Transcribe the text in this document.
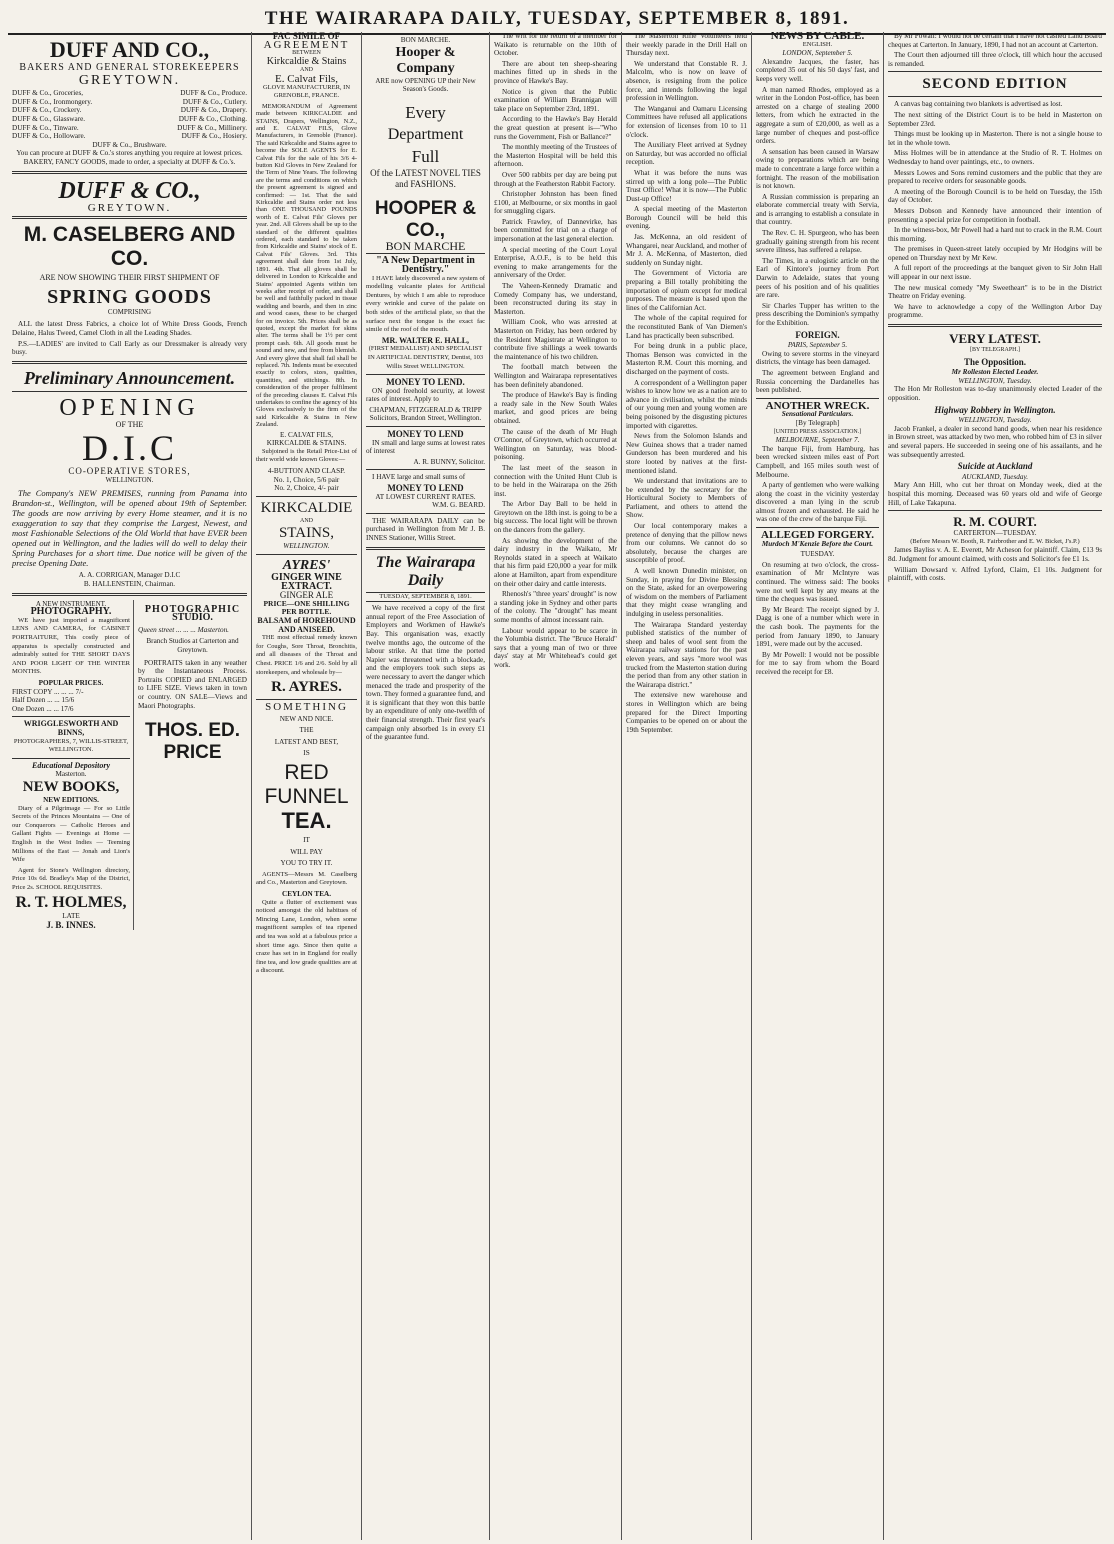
THE WAIRARAPA DAILY, TUESDAY, SEPTEMBER 8, 1891.
DUFF AND CO.,
BAKERS AND GENERAL STOREKEEPERS
GREYTOWN.
DUFF & Co., Groceries,	DUFF & Co., Produce.
DUFF & Co., Ironmongery.	DUFF & Co., Cutlery.
DUFF & Co., Crockery.	DUFF & Co., Drapery.
DUFF & Co., Glassware.	DUFF & Co., Clothing.
DUFF & Co., Tinware.	DUFF & Co., Millinery.
DUFF & Co., Holloware.	DUFF & Co., Hosiery.
DUFF & Co., Brushware.
You can procure at DUFF & Co.'s stores anything you require at lowest prices.
BAKERY, FANCY GOODS, made to order, a specialty at DUFF & Co.'s.
DUFF & CO.,
GREYTOWN.
M. CASELBERG AND CO.
ARE NOW SHOWING THEIR FIRST SHIPMENT OF
SPRING GOODS
COMPRISING

ALL the latest Dress Fabrics, a choice lot of White Dress Goods, French Delaine, Halus Tweed, Camel Cloth in all the Leading Shades.

P.S.—LADIES' are invited to Call Early as our Dressmaker is already very busy.

Preliminary Announcement.
OPENING
OF THE
D.I.C
CO-OPERATIVE STORES,
WELLINGTON.

The Company's NEW PREMISES, running from Panama into Brandon-st., Wellington, will be opened about 19th of September. The goods are now arriving by every Home steamer, and it is no exaggeration to say that they comprise the Largest, Newest, and most Fashionable Selections of the Old World that have EVER been opened out in Wellington, and the ladies will do well to delay their Spring Purchases for a short time. Due notice will be given of the precise Opening Date.

A. A. CORRIGAN, Manager D.I.C
B. HALLENSTEIN, Chairman.
A NEW INSTRUMENT.
PHOTOGRAPHY.

WE have just imported a magnificent LENS AND CAMERA, for CABINET PORTRAITURE, This costly piece of apparatus is specially constructed and admirably suited for THE SHORT DAYS AND POOR LIGHT OF THE WINTER MONTHS.

POPULAR PRICES.
FIRST COPY ... ... ... 7/-
Half Dozen ... ... 15/6
One Dozen ... ... 17/6
WRIGGLESWORTH AND BINNS,
PHOTOGRAPHERS, 7, WILLIS-STREET, WELLINGTON.
Educational Depository
Masterton.
NEW BOOKS,
NEW EDITIONS.

Diary of a Pilgrimage — For so Little Secrets of the Princes Mountains — One of our Conquerors — Catholic Heroes and Gallant Fights — Evenings at Home — English in the West Indies — Teeming Millions of the East — Jonah and Lion's Wife

Agent for Stone's Wellington directory, Price 10s 6d. Bradley's Map of the District, Price 2s. SCHOOL REQUISITES.

R. T. HOLMES,
LATE
J. B. INNES.
PHOTOGRAPHIC
STUDIO.
Queen street ... ... ... Masterton.
Branch Studios at Carterton and Greytown.

PORTRAITS taken in any weather by the Instantaneous Process. Portraits COPIED and ENLARGED to LIFE SIZE. Views taken in town or country. ON SALE—Views and Maori Photographs.

THOS. ED. PRICE
FAC SIMILE OF
AGREEMENT
BETWEEN
Kirkcaldie & Stains
AND
E. Calvat Fils,
GLOVE MANUFACTURER, IN GRENOBLE, FRANCE.

MEMORANDUM of Agreement made between KIRKCALDIE and STAINS, Drapers, Wellington, N.Z., and E. CALVAT FILS, Glove Manufacturers, in Grenoble (France). The said Kirkcaldie and Stains agree to become the SOLE AGENTS for E. Calvat Fils for the sale of his 3/6 4-button Kid Gloves in New Zealand for the Term of Nine Years. The following are the terms and conditions on which the present agreement is signed and confirmed: — 1st. That the said Kirkcaldie and Stains order not less than ONE THOUSAND POUNDS worth of E. Calvat Fils' Gloves per year. 2nd. All Gloves shall be up to the standard of the different qualities ordered, each standard to be taken from Kirkcaldie and Stains' stock of E. Calvat Fils' Gloves. 3rd. This agreement shall date from 1st July, 1891. 4th. That all gloves shall be delivered in London to Kirkcaldie and Stains' appointed Agents within ten weeks after receipt of order, and shall be well and faithfully packed in tissue wadding and boards, and then in zinc and wood cases, these to be charged for on invoice. 5th. Prices shall be as quoted, except the market for skins alter. The terms shall be 1½ per cent prompt cash. 6th. All goods must be sound and new, and free from blemish. And every glove that shall fail shall be replaced. 7th. Indents must be executed exactly to colors, sizes, qualities, quantities, and stitchings. 8th. In consideration of the proper fulfilment of the preceding clauses E. Calvat Fils undertakes to confine the agency of his Gloves exclusively to the firm of the said Kirkcaldie & Stains in New Zealand.

E. CALVAT FILS,
KIRKCALDIE & STAINS.

Subjoined is the Retail Price-List of their world wide known Gloves:—

4-BUTTON AND CLASP.
No. 1, Choice, 5/6 pair
No. 2, Choice, 4/- pair
KIRKCALDIE
AND
STAINS,
WELLINGTON.
AYRES'
GINGER WINE EXTRACT.
GINGER ALE
PRICE—ONE SHILLING PER BOTTLE.
BALSAM of HOREHOUND AND ANISEED.

THE most effectual remedy known for Coughs, Sore Throat, Bronchitis, and all diseases of the Throat and Chest. PRICE 1/6 and 2/6. Sold by all storekeepers, and wholesale by—

R. AYRES.
SOMETHING
NEW AND NICE.
THE
LATEST AND BEST,
IS
RED FUNNEL
TEA.
IT
WILL PAY
YOU TO TRY IT.

AGENTS—Messrs M. Caselberg and Co., Masterton and Greytown.

CEYLON TEA.

Quite a flutter of excitement was noticed amongst the old habitues of Mincing Lane, London, when some magnificent samples of tea ripened and tea was sold at a fabulous price a short time ago. Since then quite a craze has set in in England for really fine tea, and low grade qualities are at a discount.

BON MARCHE.
Hooper & Company
ARE now OPENING UP their New Season's Goods.
Every
Department
Full
Of the LATEST NOVEL TIES and FASHIONS.
HOOPER & CO.,
BON MARCHE
"A New Department in Dentistry."

I HAVE lately discovered a new system of modelling vulcanite plates for Artificial Dentures, by which I am able to reproduce every wrinkle and curve of the palate on both sides of the artificial plate, so that the surface next the tongue is the exact fac simile of the roof of the mouth.

MR. WALTER E. HALL,
(FIRST MEDALLIST) AND SPECIALIST IN ARTIFICIAL DENTISTRY, Dentist, 103 Willis Street WELLINGTON.
MONEY TO LEND.

ON good freehold security, at lowest rates of interest. Apply to

CHAPMAN, FITZGERALD & TRIPP Solicitors, Brandon Street, Wellington.
MONEY TO LEND

IN small and large sums at lowest rates of interest

A. R. BUNNY, Solicitor.

I HAVE large and small sums of

MONEY TO LEND
AT LOWEST CURRENT RATES.
W.M. G. BEARD.

THE WAIRARAPA DAILY can be purchased in Wellington from Mr J. B. INNES Stationer, Willis Street.

The Wairarapa Daily
TUESDAY, SEPTEMBER 8, 1891.

We have received a copy of the first annual report of the Free Association of Employers and Workmen of Hawke's Bay. This organisation was, exactly twelve months ago, the outcome of the labour strike. At that time the ported Napier was threatened with a blockade, and the employers took such steps as were necessary to avert the danger which menaced the trade and prosperity of the town. They formed a guarantee fund, and it is significant that they won this battle by an expenditure of only one-twelfth of their financial strength. Their first year's campaign only absorbed 1s in every £1 of the guarantee fund.

The writ for the return of a member for Waikato is returnable on the 10th of October.

There are about ten sheep-shearing machines fitted up in sheds in the province of Hawke's Bay.

Notice is given that the Public examination of William Brannigan will take place on September 23rd, 1891.

According to the Hawke's Bay Herald the great question at present is—"Who runs the Government, Fish or Ballance?"

The monthly meeting of the Trustees of the Masterton Hospital will be held this afternoon.

Over 500 rabbits per day are being put through at the Featherston Rabbit Factory.

Christopher Johnston has been fined £100, at Melbourne, or six months in gaol for smuggling cigars.

Patrick Frawley, of Dannevirke, has been committed for trial on a charge of impersonation at the last general election.

A special meeting of the Court Loyal Enterprise, A.O.F., is to be held this evening to make arrangements for the anniversary of the Order.

The Vaheen-Kennedy Dramatic and Comedy Company has, we understand, been reconstructed during its stay in Masterton.

William Cook, who was arrested at Masterton on Friday, has been ordered by the Resident Magistrate at Wellington to contribute five shillings a week towards the maintenance of his two children.

The football match between the Wellington and Wairarapa representatives has been definitely abandoned.

The produce of Hawke's Bay is finding a ready sale in the New South Wales market, and good prices are being obtained.

The cause of the death of Mr Hugh O'Connor, of Greytown, which occurred at Wellington on Saturday, was blood-poisoning.

The last meet of the season in connection with the United Hunt Club is to be held in the Wairarapa on the 26th inst.

The Arbor Day Ball to be held in Greytown on the 18th inst. is going to be a big success. The local light will be thrown on the dancers from the gallery.

As showing the development of the dairy industry in the Waikato, Mr Reynolds stated in a speech at Waikato that his firm paid £20,000 a year for milk alone at Hamilton, apart from expenditure on their other dairy and cattle interests.

Rhenosh's "three years' drought" is now a standing joke in Sydney and other parts of the colony. The "drought" has meant some months of almost incessant rain.

Labour would appear to be scarce in the Yolumbia district. The "Bruce Herald" says that a young man of two or three days' stay at Mr Whitehead's could get work.

The Masterton Rifle Volunteers held their weekly parade in the Drill Hall on Thursday next.

We understand that Constable R. J. Malcolm, who is now on leave of absence, is resigning from the police force, and intends following the legal profession in Wellington.

The Wanganui and Oamaru Licensing Committees have refused all applications for extension of licenses from 10 to 11 o'clock.

The Auxiliary Fleet arrived at Sydney on Saturday, but was accorded no official reception.

What it was before the nuns was stirred up with a long pole—The Public Trust Office! What it is now—The Public Dust-up Office!

A special meeting of the Masterton Borough Council will be held this evening.

Jas. McKenna, an old resident of Whangarei, near Auckland, and mother of Mr J. A. McKenna, of Masterton, died suddenly on Sunday night.

The Government of Victoria are preparing a Bill totally prohibiting the importation of opium except for medical purposes. The measure is based upon the lines of the Californian Act.

The whole of the capital required for the reconstituted Bank of Van Diemen's Land has practically been subscribed.

For being drunk in a public place, Thomas Benson was convicted in the Masterton R.M. Court this morning, and discharged on the payment of costs.

A correspondent of a Wellington paper wishes to know how we as a nation are to advance in civilisation, whilst the minds of our young men and young women are being poisoned by the disgusting pictures imported with cigarettes.

News from the Solomon Islands and New Guinea shows that a trader named Gunderson has been murdered and his store looted by natives at the first-mentioned island.

We understand that invitations are to be extended by the secretary for the Horticultural Society to Members of Parliament, and others to attend the Show.

Our local contemporary makes a pretence of denying that the pillow news from our columns. We cannot do so absolutely, because the charges are susceptible of proof.

A well known Dunedin minister, on Sunday, in praying for Divine Blessing on the State, asked for an overpowering of wisdom on the members of Parliament that they might cease wrangling and indulging in useless personalities.

The Wairarapa Standard yesterday published statistics of the number of sheep and bales of wool sent from the Wairarapa railway stations for the past eleven years, and says "more wool was trucked from the Masterton station during the period than from any other station in the Wairarapa district."

The extensive new warehouse and stores in Wellington which are being prepared for the Direct Importing Companies to be opened on or about the 19th September.

NEWS BY CABLE.
ENGLISH.
LONDON, September 5.

Alexandre Jacques, the faster, has completed 35 out of his 50 days' fast, and keeps very well.

A man named Rhodes, employed as a writer in the London Post-office, has been arrested on a charge of stealing 2000 letters, from which he extracted in the aggregate a sum of £20,000, as well as a large number of cheques and post-office orders.

A sensation has been caused in Warsaw owing to preparations which are being made to concentrate a large force within a fortnight. The reason of the mobilisation is not known.

A Russian commission is preparing an elaborate commercial treaty with Servia, and is arranging to establish a consulate in that country.

The Rev. C. H. Spurgeon, who has been gradually gaining strength from his recent severe illness, has suffered a relapse.

The Times, in a eulogistic article on the Earl of Kintore's journey from Port Darwin to Adelaide, states that young peers of his position and of his qualities are rare.

Sir Charles Tupper has written to the press describing the Dominion's sympathy for the Exhibition.

FOREIGN.
PARIS, September 5.

Owing to severe storms in the vineyard districts, the vintage has been damaged.

The agreement between England and Russia concerning the Dardanelles has been published.

ANOTHER WRECK.
Sensational Particulars.
[By Telegraph]
[UNITED PRESS ASSOCIATION.]
MELBOURNE, September 7.

The barque Fiji, from Hamburg, has been wrecked sixteen miles east of Port Campbell, and 165 miles south west of Melbourne.

A party of gentlemen who were walking along the coast in the vicinity yesterday discovered a man lying in the scrub almost frozen and exhausted. He said he was one of the crew of the barque Fiji.

ALLEGED FORGERY.
Murdoch M'Kenzie Before the Court.
TUESDAY.

On resuming at two o'clock, the cross-examination of Mr McIntyre was continued. The witness said: The books were not well kept by any means at the time the cheques was issued.

By Mr Beard: The receipt signed by J. Dagg is one of a number which were in the cash book. The payments for the period from January 1890, to January 1891, were made out by the accused.

By Mr Powell: I would not be possible for me to say from whom the Board received the receipt for £8.

By Mr Powall: I would not be certain that I have not cashed Land Board cheques at Carterton. In January, 1890, I had not an account at Carterton.

The Court then adjourned till three o'clock, till which hour the accused is remanded.

SECOND EDITION

A canvas bag containing two blankets is advertised as lost.

The next sitting of the District Court is to be held in Masterton on September 23rd.

Things must be looking up in Masterton. There is not a single house to let in the whole town.

Miss Holmes will be in attendance at the Studio of R. T. Holmes on Wednesday to hand over paintings, etc., to owners.

Messrs Lowes and Sons remind customers and the public that they are prepared to receive orders for seasonable goods.

A meeting of the Borough Council is to be held on Tuesday, the 15th day of October.

Messrs Dobson and Kennedy have announced their intention of presenting a special prize for competition in football.

In the witness-box, Mr Powell had a hard nut to crack in the R.M. Court this morning.

The premises in Queen-street lately occupied by Mr Hodgins will be opened on Thursday next by Mr Kew.

A full report of the proceedings at the banquet given to Sir John Hall will appear in our next issue.

The new musical comedy "My Sweetheart" is to be in the District Theatre on Friday evening.

We have to acknowledge a copy of the Wellington Arbor Day programme.

VERY LATEST.
[BY TELEGRAPH.]
The Opposition.
Mr Rolleston Elected Leader.
WELLINGTON, Tuesday.

The Hon Mr Rolleston was to-day unanimously elected Leader of the opposition.

Highway Robbery in Wellington.
WELLINGTON, Tuesday.

Jacob Frankel, a dealer in second hand goods, when near his residence in Brown street, was attacked by two men, who robbed him of £3 in silver and several papers. He succeeded in seeing one of his assailants, and he was subsequently arrested.

Suicide at Auckland
AUCKLAND, Tuesday.

Mary Ann Hill, who cut her throat on Monday week, died at the hospital this morning. Deceased was 60 years old and wife of George Hill, of Lake Takapuna.

R. M. COURT.
CARTERTON—TUESDAY.
(Before Messrs W. Booth, R. Fairbrother and E. W. Bicket, J's.P.)

James Bayliss v. A. E. Everett, Mr Acheson for plaintiff. Claim, £13 9s 8d. Judgment for amount claimed, with costs and Solicitor's fee £1 1s.

William Dowsard v. Alfred Lyford, Claim, £1 10s. Judgment for plaintiff, with costs.
